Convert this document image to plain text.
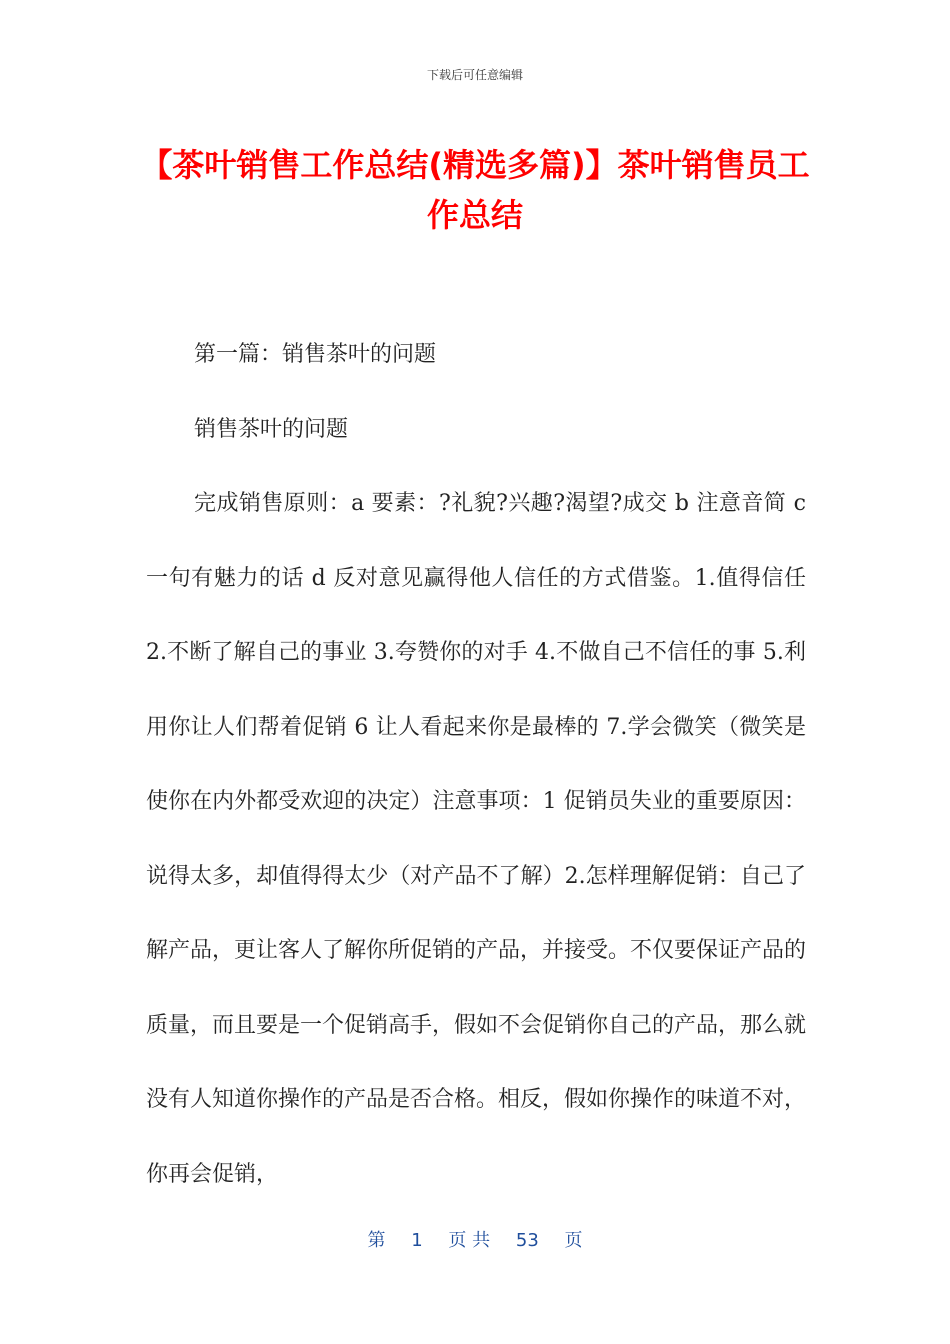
下载后可任意编辑
【茶叶销售工作总结(精选多篇)】茶叶销售员工作总结

第一篇：销售茶叶的问题

销售茶叶的问题

完成销售原则：a 要素：?礼貌?兴趣?渴望?成交 b 注意音简 c 一句有魅力的话 d 反对意见赢得他人信任的方式借鉴。1.值得信任 2.不断了解自己的事业 3.夸赞你的对手 4.不做自己不信任的事 5.利用你让人们帮着促销 6 让人看起来你是最棒的 7.学会微笑（微笑是使你在内外都受欢迎的决定）注意事项：1 促销员失业的重要原因：说得太多，却值得得太少（对产品不了解）2.怎样理解促销：自己了解产品，更让客人了解你所促销的产品，并接受。不仅要保证产品的质量，而且要是一个促销高手，假如不会促销你自己的产品，那么就没有人知道你操作的产品是否合格。相反，假如你操作的味道不对，你再会促销，

第 1 页 共 53 页
